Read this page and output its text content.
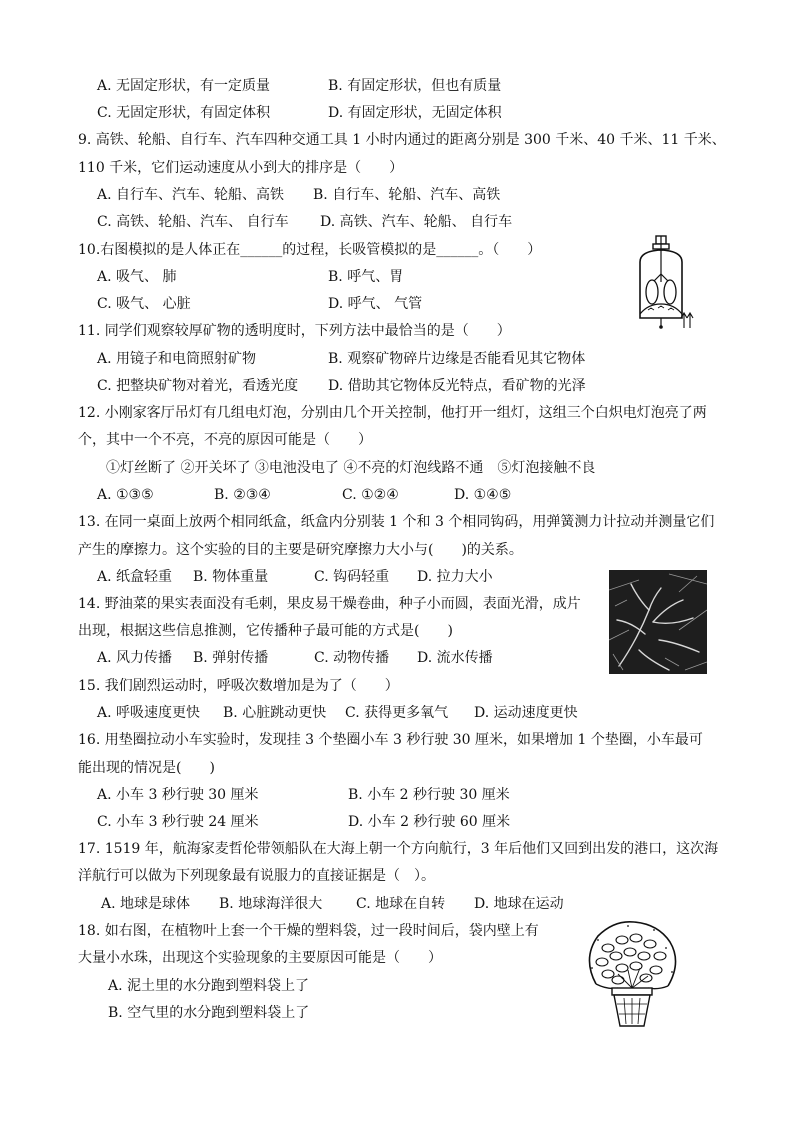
A. 无固定形状，有一定质量	B. 有固定形状，但也有质量
C. 无固定形状，有固定体积	D. 有固定形状，无固定体积
9. 高铁、轮船、自行车、汽车四种交通工具 1 小时内通过的距离分别是 300 千米、40 千米、11 千米、
110 千米，它们运动速度从小到大的排序是（　　）
A. 自行车、汽车、轮船、高铁 B. 自行车、轮船、汽车、高铁
C. 高铁、轮船、汽车、 自行车 D. 高铁、汽车、轮船、 自行车
10.右图模拟的是人体正在______的过程，长吸管模拟的是______。（　　）
A. 吸气、 肺	B. 呼气、胃
C. 吸气、 心脏	D. 呼气、 气管
11. 同学们观察较厚矿物的透明度时，下列方法中最恰当的是（　　）
A. 用镜子和电筒照射矿物	B. 观察矿物碎片边缘是否能看见其它物体
C. 把整块矿物对着光，看透光度 D. 借助其它物体反光特点，看矿物的光泽
12. 小刚家客厅吊灯有几组电灯泡，分别由几个开关控制，他打开一组灯，这组三个白炽电灯泡亮了两
个，其中一个不亮，不亮的原因可能是（　　）
①灯丝断了 ②开关坏了 ③电池没电了 ④不亮的灯泡线路不通　⑤灯泡接触不良
A. ①③⑤	B. ②③④	C. ①②④	D. ①④⑤
13. 在同一桌面上放两个相同纸盒，纸盒内分别装 1 个和 3 个相同钩码，用弹簧测力计拉动并测量它们
产生的摩擦力。这个实验的目的主要是研究摩擦力大小与(　　)的关系。
A. 纸盒轻重 B. 物体重量	C. 钩码轻重 D. 拉力大小
14. 野油菜的果实表面没有毛刺，果皮易干燥卷曲，种子小而圆，表面光滑，成片
出现，根据这些信息推测，它传播种子最可能的方式是(　　)
A. 风力传播 B. 弹射传播	C. 动物传播 D. 流水传播
15. 我们剧烈运动时，呼吸次数增加是为了（　　）
A. 呼吸速度更快 B. 心脏跳动更快 C. 获得更多氧气 D. 运动速度更快
16. 用垫圈拉动小车实验时，发现挂 3 个垫圈小车 3 秒行驶 30 厘米，如果增加 1 个垫圈，小车最可
能出现的情况是(　　)
A. 小车 3 秒行驶 30 厘米	B. 小车 2 秒行驶 30 厘米
C. 小车 3 秒行驶 24 厘米	D. 小车 2 秒行驶 60 厘米
17. 1519 年，航海家麦哲伦带领船队在大海上朝一个方向航行，3 年后他们又回到出发的港口，这次海
洋航行可以做为下列现象最有说服力的直接证据是（　）。
A. 地球是球体 B. 地球海洋很大 C. 地球在自转 D. 地球在运动
18. 如右图，在植物叶上套一个干燥的塑料袋，过一段时间后，袋内壁上有
大量小水珠，出现这个实验现象的主要原因可能是（　　）
A. 泥土里的水分跑到塑料袋上了
B. 空气里的水分跑到塑料袋上了
